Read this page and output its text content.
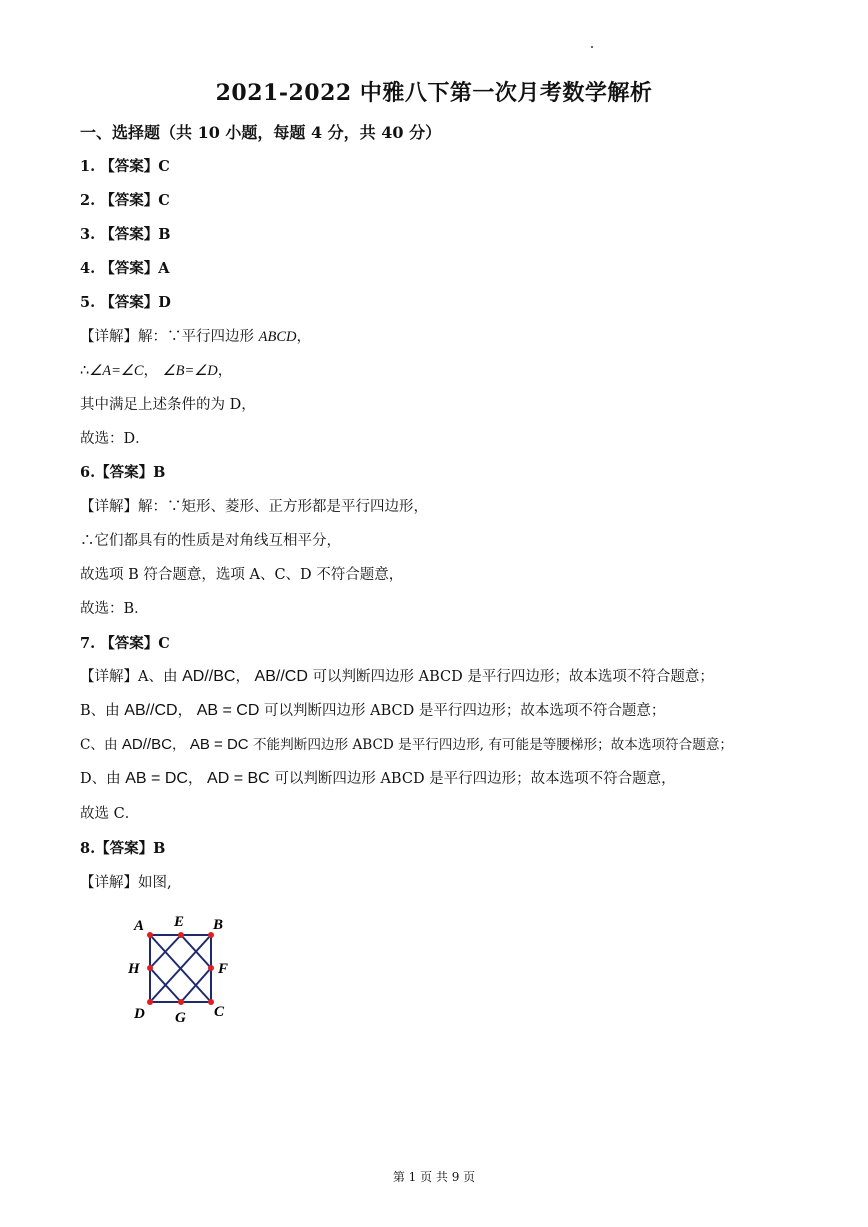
2021-2022 中雅八下第一次月考数学解析
一、选择题（共 10 小题，每题 4 分，共 40 分）
1. 【答案】C
2. 【答案】C
3. 【答案】B
4. 【答案】A
5. 【答案】D
【详解】解：∵平行四边形 ABCD，
∴∠A=∠C， ∠B=∠D，
其中满足上述条件的为 D，
故选：D．
6.【答案】B
【详解】解：∵矩形、菱形、正方形都是平行四边形，
∴它们都具有的性质是对角线互相平分，
故选项 B 符合题意，选项 A、C、D 不符合题意，
故选：B．
7. 【答案】C
【详解】A、由 AD//BC， AB//CD 可以判断四边形 ABCD 是平行四边形；故本选项不符合题意；
B、由 AB//CD， AB = CD 可以判断四边形 ABCD 是平行四边形；故本选项不符合题意；
C、由 AD//BC， AB = DC 不能判断四边形 ABCD 是平行四边形, 有可能是等腰梯形；故本选项符合题意；
D、由 AB = DC， AD = BC 可以判断四边形 ABCD 是平行四边形；故本选项不符合题意，
故选 C．
8.【答案】B
【详解】如图,
A E B
H	F
D G C
第 1 页 共 9 页
